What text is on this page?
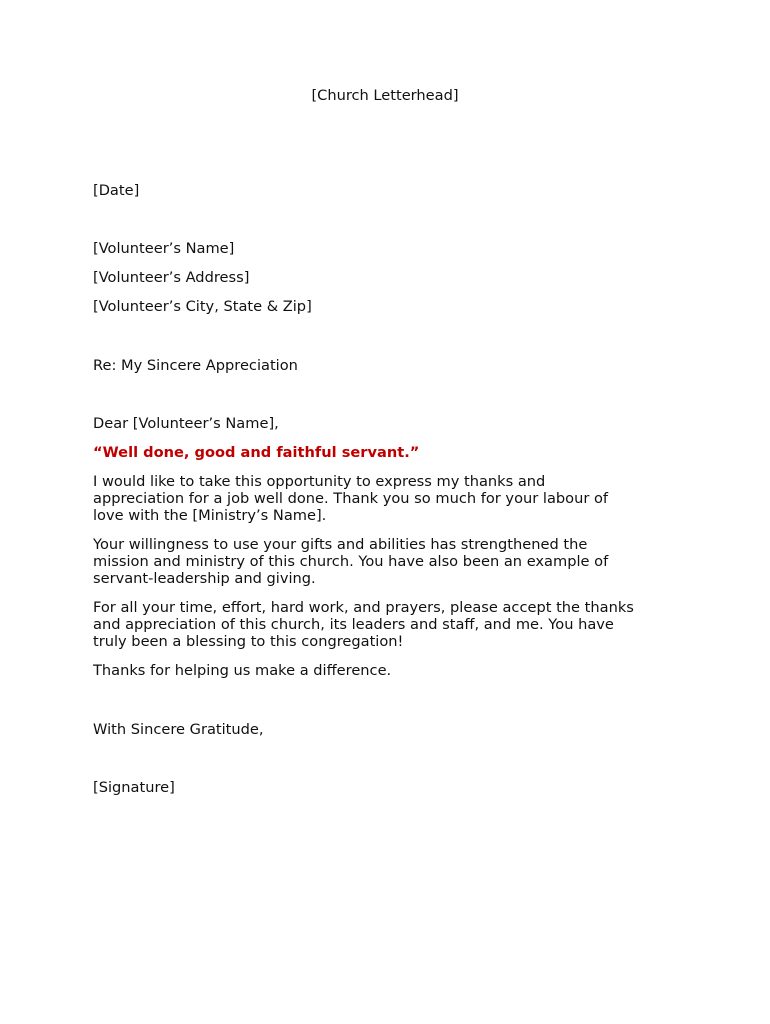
[Church Letterhead]
[Date]
[Volunteer’s Name]
[Volunteer’s Address]
[Volunteer’s City, State & Zip]
Re: My Sincere Appreciation
Dear [Volunteer’s Name],
“Well done, good and faithful servant.”
I would like to take this opportunity to express my thanks and
appreciation for a job well done. Thank you so much for your labour of
love with the [Ministry’s Name].
Your willingness to use your gifts and abilities has strengthened the
mission and ministry of this church. You have also been an example of
servant-leadership and giving.
For all your time, effort, hard work, and prayers, please accept the thanks
and appreciation of this church, its leaders and staff, and me. You have
truly been a blessing to this congregation!
Thanks for helping us make a difference.
With Sincere Gratitude,
[Signature]
